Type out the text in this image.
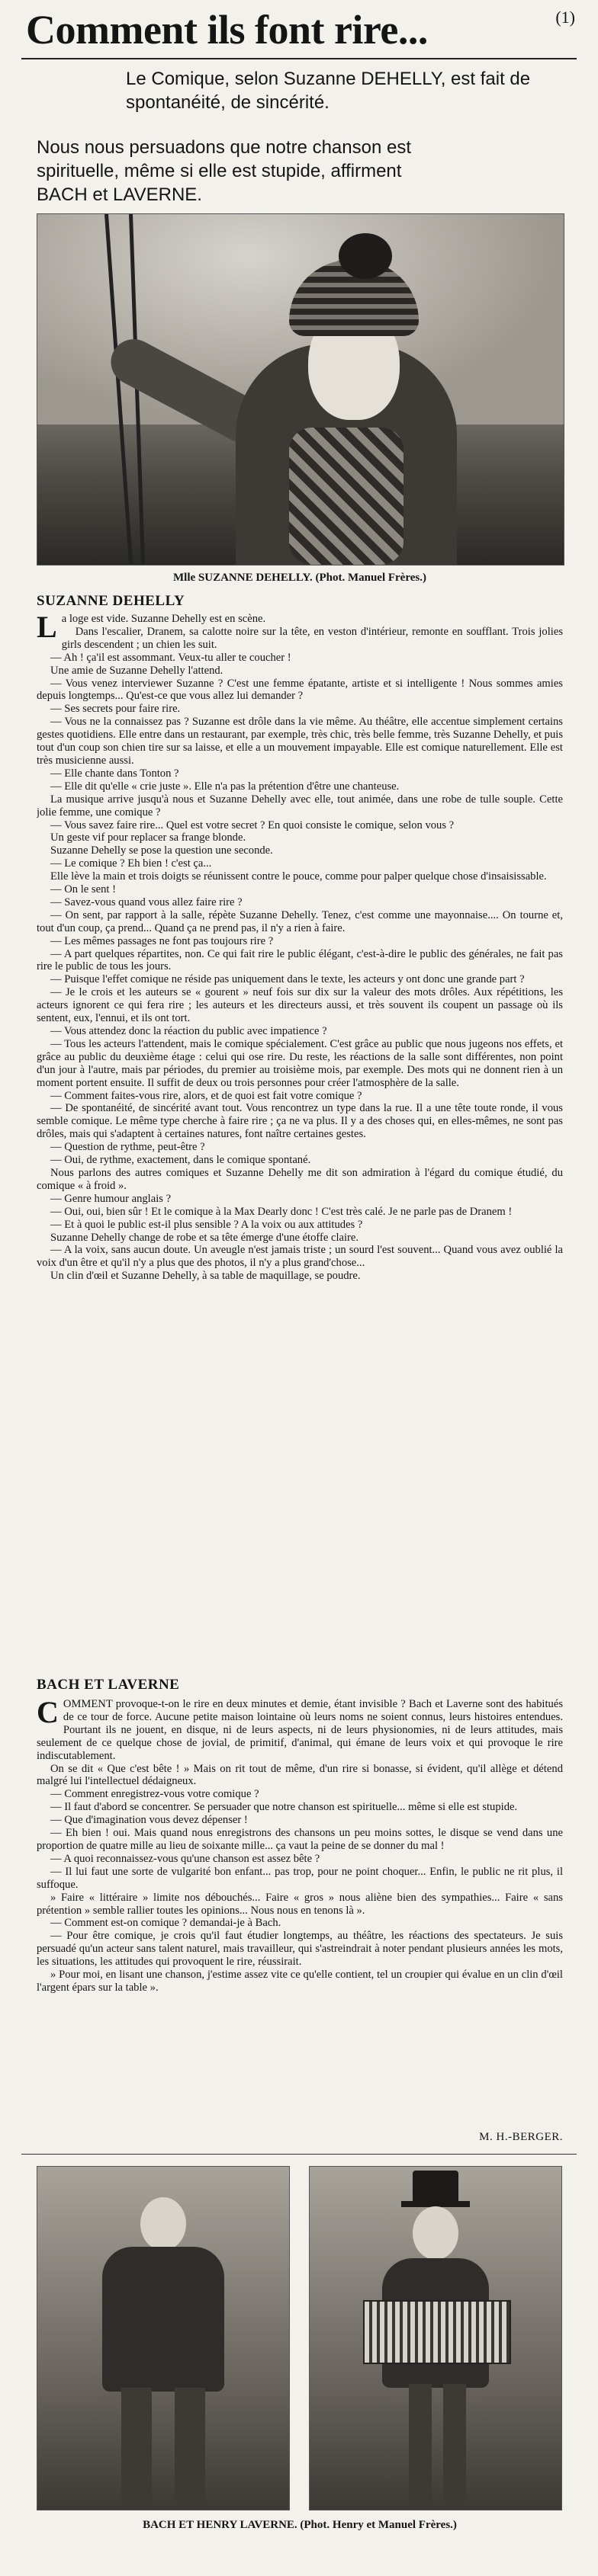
Comment ils font rire...	(1)
Le Comique, selon Suzanne DEHELLY, est fait de spontanéité, de sincérité.
Nous nous persuadons que notre chanson est spirituelle, même si elle est stupide, affirment BACH et LAVERNE.
Mlle SUZANNE DEHELLY. (Phot. Manuel Frères.)
SUZANNE DEHELLY

La loge est vide. Suzanne Dehelly est en scène.

Dans l'escalier, Dranem, sa calotte noire sur la tête, en veston d'intérieur, remonte en soufflant. Trois jolies girls descendent ; un chien les suit.

— Ah ! ça'il est assommant. Veux-tu aller te coucher !

Une amie de Suzanne Dehelly l'attend.

— Vous venez interviewer Suzanne ? C'est une femme épatante, artiste et si intelligente ! Nous sommes amies depuis longtemps... Qu'est-ce que vous allez lui demander ?

— Ses secrets pour faire rire.

— Vous ne la connaissez pas ? Suzanne est drôle dans la vie même. Au théâtre, elle accentue simplement certains gestes quotidiens. Elle entre dans un restaurant, par exemple, très chic, très belle femme, très Suzanne Dehelly, et puis tout d'un coup son chien tire sur sa laisse, et elle a un mouvement impayable. Elle est comique naturellement. Elle est très musicienne aussi.

— Elle chante dans Tonton ?

— Elle dit qu'elle « crie juste ». Elle n'a pas la prétention d'être une chanteuse.

La musique arrive jusqu'à nous et Suzanne Dehelly avec elle, tout animée, dans une robe de tulle souple. Cette jolie femme, une comique ?

— Vous savez faire rire... Quel est votre secret ? En quoi consiste le comique, selon vous ?

Un geste vif pour replacer sa frange blonde.

Suzanne Dehelly se pose la question une seconde.

— Le comique ? Eh bien ! c'est ça...

Elle lève la main et trois doigts se réunissent contre le pouce, comme pour palper quelque chose d'insaisissable.

— On le sent !

— Savez-vous quand vous allez faire rire ?

— On sent, par rapport à la salle, répète Suzanne Dehelly. Tenez, c'est comme une mayonnaise.... On tourne et, tout d'un coup, ça prend... Quand ça ne prend pas, il n'y a rien à faire.

— Les mêmes passages ne font pas toujours rire ?

— A part quelques répartites, non. Ce qui fait rire le public élégant, c'est-à-dire le public des générales, ne fait pas rire le public de tous les jours.

— Puisque l'effet comique ne réside pas uniquement dans le texte, les acteurs y ont donc une grande part ?

— Je le crois et les auteurs se « gourent » neuf fois sur dix sur la valeur des mots drôles. Aux répétitions, les acteurs ignorent ce qui fera rire ; les auteurs et les directeurs aussi, et très souvent ils coupent un passage où ils sentent, eux, l'ennui, et ils ont tort.

— Vous attendez donc la réaction du public avec impatience ?

— Tous les acteurs l'attendent, mais le comique spécialement. C'est grâce au public que nous jugeons nos effets, et grâce au public du deuxième étage : celui qui ose rire. Du reste, les réactions de la salle sont différentes, non point d'un jour à l'autre, mais par périodes, du premier au troisième mois, par exemple. Des mots qui ne donnent rien à un moment portent ensuite. Il suffit de deux ou trois personnes pour créer l'atmosphère de la salle.

— Comment faites-vous rire, alors, et de quoi est fait votre comique ?

— De spontanéité, de sincérité avant tout. Vous rencontrez un type dans la rue. Il a une tête toute ronde, il vous semble comique. Le même type cherche à faire rire ; ça ne va plus. Il y a des choses qui, en elles-mêmes, ne sont pas drôles, mais qui s'adaptent à certaines natures, font naître certaines gestes.

— Question de rythme, peut-être ?

— Oui, de rythme, exactement, dans le comique spontané.

Nous parlons des autres comiques et Suzanne Dehelly me dit son admiration à l'égard du comique étudié, du comique « à froid ».

— Genre humour anglais ?

— Oui, oui, bien sûr ! Et le comique à la Max Dearly donc ! C'est très calé. Je ne parle pas de Dranem !

— Et à quoi le public est-il plus sensible ? A la voix ou aux attitudes ?

Suzanne Dehelly change de robe et sa tête émerge d'une étoffe claire.

— A la voix, sans aucun doute. Un aveugle n'est jamais triste ; un sourd l'est souvent... Quand vous avez oublié la voix d'un être et qu'il n'y a plus que des photos, il n'y a plus grand'chose...

Un clin d'œil et Suzanne Dehelly, à sa table de maquillage, se poudre.

BACH ET LAVERNE

COMMENT provoque-t-on le rire en deux minutes et demie, étant invisible ? Bach et Laverne sont des habitués de ce tour de force. Aucune petite maison lointaine où leurs noms ne soient connus, leurs histoires entendues. Pourtant ils ne jouent, en disque, ni de leurs aspects, ni de leurs physionomies, ni de leurs attitudes, mais seulement de ce quelque chose de jovial, de primitif, d'animal, qui émane de leurs voix et qui provoque le rire indiscutablement.

On se dit « Que c'est bête ! » Mais on rit tout de même, d'un rire si bonasse, si évident, qu'il allège et détend malgré lui l'intellectuel dédaigneux.

— Comment enregistrez-vous votre comique ?

— Il faut d'abord se concentrer. Se persuader que notre chanson est spirituelle... même si elle est stupide.

— Que d'imagination vous devez dépenser !

— Eh bien ! oui. Mais quand nous enregistrons des chansons un peu moins sottes, le disque se vend dans une proportion de quatre mille au lieu de soixante mille... ça vaut la peine de se donner du mal !

— A quoi reconnaissez-vous qu'une chanson est assez bête ?

— Il lui faut une sorte de vulgarité bon enfant... pas trop, pour ne point choquer... Enfin, le public ne rit plus, il suffoque.

» Faire « littéraire » limite nos débouchés... Faire « gros » nous aliène bien des sympathies... Faire « sans prétention » semble rallier toutes les opinions... Nous nous en tenons là ».

— Comment est-on comique ? demandai-je à Bach.

— Pour être comique, je crois qu'il faut étudier longtemps, au théâtre, les réactions des spectateurs. Je suis persuadé qu'un acteur sans talent naturel, mais travailleur, qui s'astreindrait à noter pendant plusieurs années les mots, les situations, les attitudes qui provoquent le rire, réussirait.

» Pour moi, en lisant une chanson, j'estime assez vite ce qu'elle contient, tel un croupier qui évalue en un clin d'œil l'argent épars sur la table ».

M. H.-BERGER.
BACH ET HENRY LAVERNE. (Phot. Henry et Manuel Frères.)
